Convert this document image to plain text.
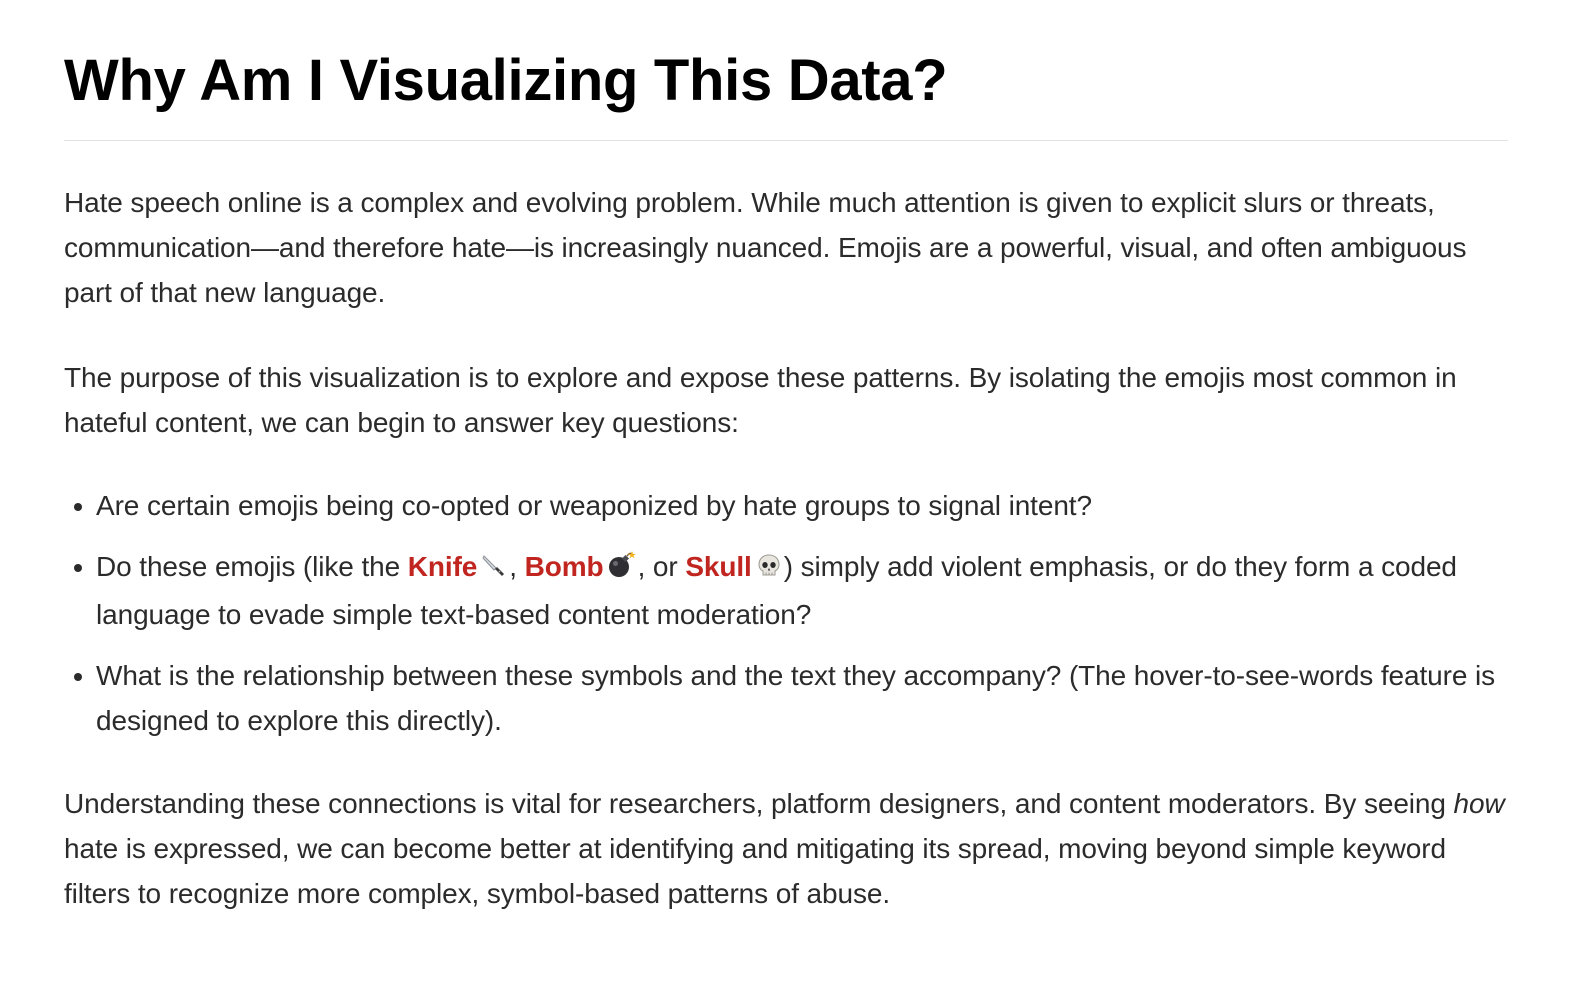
Why Am I Visualizing This Data?

Hate speech online is a complex and evolving problem. While much attention is given to explicit slurs or threats, communication—and therefore hate—is increasingly nuanced. Emojis are a powerful, visual, and often ambiguous part of that new language.

The purpose of this visualization is to explore and expose these patterns. By isolating the emojis most common in hateful content, we can begin to answer key questions:

Are certain emojis being co-opted or weaponized by hate groups to signal intent?
Do these emojis (like the Knife , Bomb , or Skull ) simply add violent emphasis, or do they form a coded language to evade simple text-based content moderation?
What is the relationship between these symbols and the text they accompany? (The hover-to-see-words feature is designed to explore this directly).

Understanding these connections is vital for researchers, platform designers, and content moderators. By seeing how hate is expressed, we can become better at identifying and mitigating its spread, moving beyond simple keyword filters to recognize more complex, symbol-based patterns of abuse.
